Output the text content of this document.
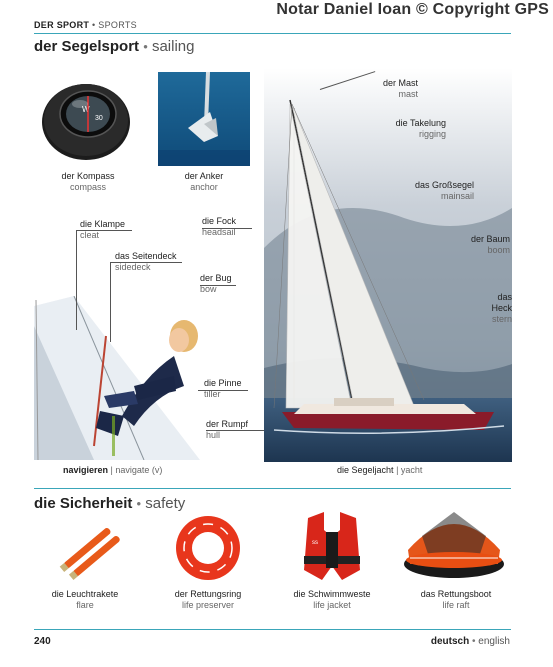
DER SPORT • SPORTS
Notar Daniel Ioan © Copyright GPS
der Segelsport • sailing
W
30
der Kompass
compass
der Anker
anchor
navigieren | navigate (v)
die Klampe
cleat
das Seitendeck
sidedeck
die Fock
headsail
der Bug
bow
die Pinne
tiller
der Rumpf
hull
die Segeljacht | yacht
der Mast
mast
die Takelung
rigging
das Großsegel
mainsail
der Baum
boom
das Heck
stern
die Sicherheit • safety
die Leuchtrakete
flare
der Rettungsring
life preserver
ss
die Schwimmweste
life jacket
das Rettungsboot
life raft
240	deutsch • english
